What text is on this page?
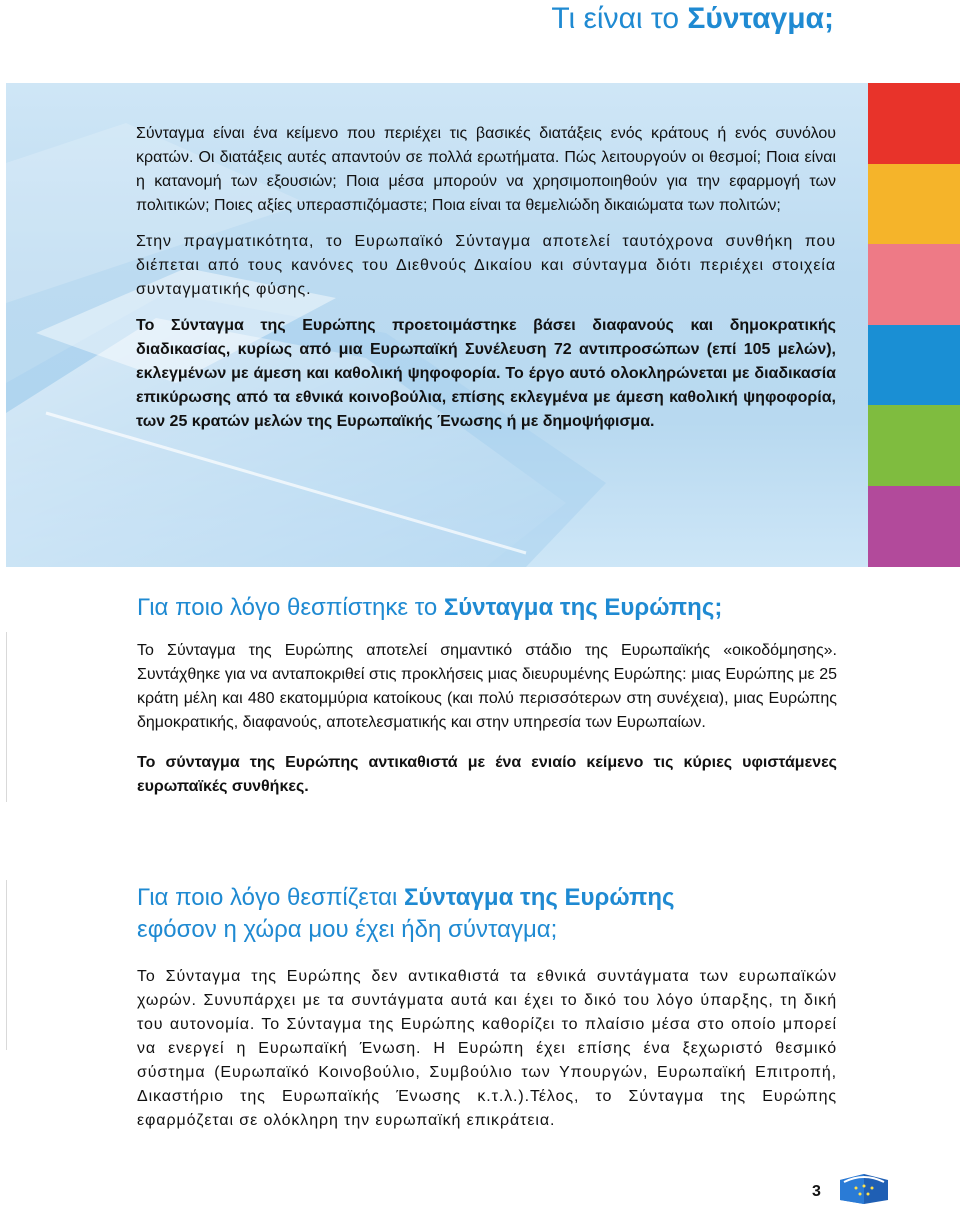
Τι είναι το Σύνταγμα;

Σύνταγμα είναι ένα κείμενο που περιέχει τις βασικές διατάξεις ενός κράτους ή ενός συνόλου κρατών. Οι διατάξεις αυτές απαντούν σε πολλά ερωτήματα. Πώς λειτουργούν οι θεσμοί; Ποια είναι η κατανομή των εξουσιών; Ποια μέσα μπορούν να χρησιμοποιηθούν για την εφαρμογή των πολιτικών; Ποιες αξίες υπερασπιζόμαστε; Ποια είναι τα θεμελιώδη δικαιώματα των πολιτών;

Στην πραγματικότητα, το Ευρωπαϊκό Σύνταγμα αποτελεί ταυτόχρονα συνθήκη που διέπεται από τους κανόνες του Διεθνούς Δικαίου και σύνταγμα διότι περιέχει στοιχεία συνταγματικής φύσης.

Το Σύνταγμα της Ευρώπης προετοιμάστηκε βάσει διαφανούς και δημοκρατικής διαδικασίας, κυρίως από μια Ευρωπαϊκή Συνέλευση 72 αντιπροσώπων (επί 105 μελών), εκλεγμένων με άμεση και καθολική ψηφοφορία. Το έργο αυτό ολοκληρώνεται με διαδικασία επικύρωσης από τα εθνικά κοινοβούλια, επίσης εκλεγμένα με άμεση καθολική ψηφοφορία, των 25 κρατών μελών της Ευρωπαϊκής Ένωσης ή με δημοψήφισμα.

Για ποιο λόγο θεσπίστηκε το Σύνταγμα της Ευρώπης;

Το Σύνταγμα της Ευρώπης αποτελεί σημαντικό στάδιο της Ευρωπαϊκής «οικοδόμησης». Συντάχθηκε για να ανταποκριθεί στις προκλήσεις μιας διευρυμένης Ευρώπης: μιας Ευρώπης με 25 κράτη μέλη και 480 εκατομμύρια κατοίκους (και πολύ περισσότερων στη συνέχεια), μιας Ευρώπης δημοκρατικής, διαφανούς, αποτελεσματικής και στην υπηρεσία των Ευρωπαίων.

Το σύνταγμα της Ευρώπης αντικαθιστά με ένα ενιαίο κείμενο τις κύριες υφιστάμενες ευρωπαϊκές συνθήκες.

Για ποιο λόγο θεσπίζεται Σύνταγμα της Ευρώπης
εφόσον η χώρα μου έχει ήδη σύνταγμα;

Το Σύνταγμα της Ευρώπης δεν αντικαθιστά τα εθνικά συντάγματα των ευρωπαϊκών χωρών. Συνυπάρχει με τα συντάγματα αυτά και έχει το δικό του λόγο ύπαρξης, τη δική του αυτονομία. Το Σύνταγμα της Ευρώπης καθορίζει το πλαίσιο μέσα στο οποίο μπορεί να ενεργεί η Ευρωπαϊκή Ένωση. Η Ευρώπη έχει επίσης ένα ξεχωριστό θεσμικό σύστημα (Ευρωπαϊκό Κοινοβούλιο, Συμβούλιο των Υπουργών, Ευρωπαϊκή Επιτροπή, Δικαστήριο της Ευρωπαϊκής Ένωσης κ.τ.λ.).Τέλος, το Σύνταγμα της Ευρώπης εφαρμόζεται σε ολόκληρη την ευρωπαϊκή επικράτεια.

3
